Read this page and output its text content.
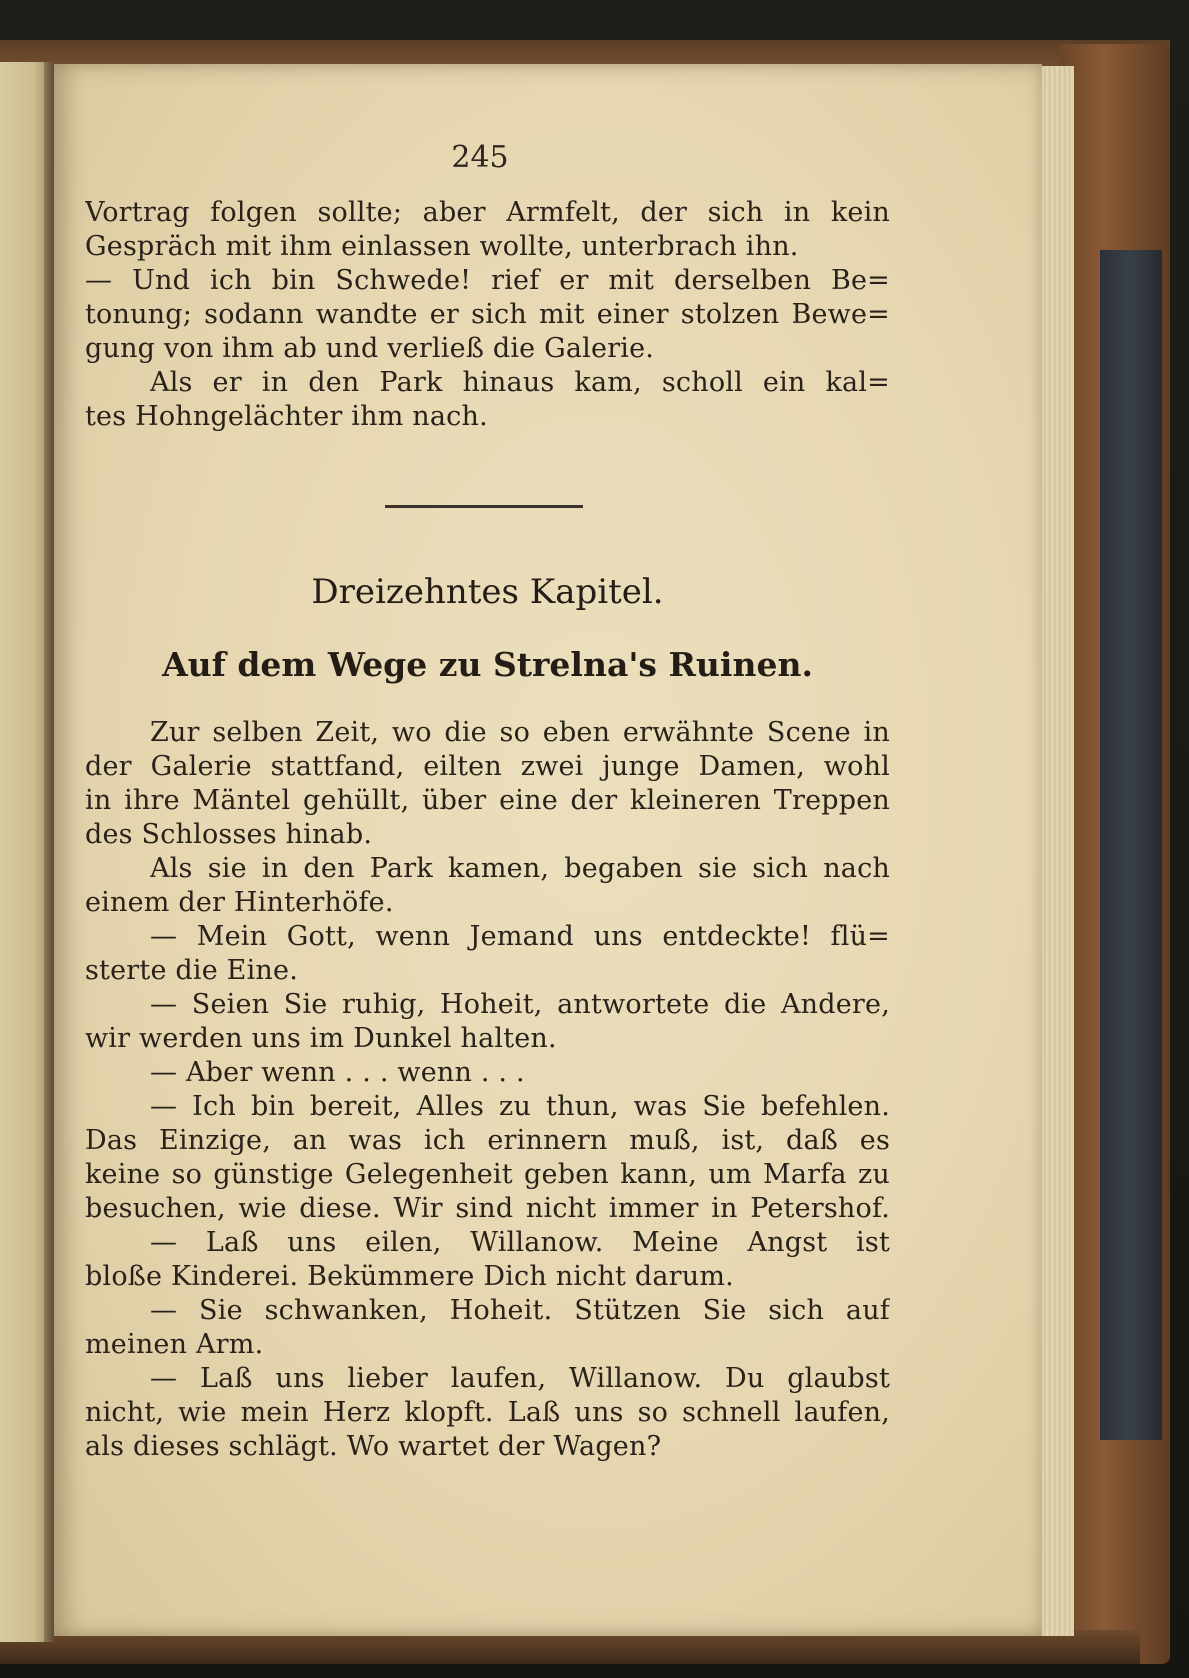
245
Vortrag folgen sollte; aber Armfelt, der sich in kein
Gespräch mit ihm einlassen wollte, unterbrach ihn.
— Und ich bin Schwede! rief er mit derselben Be=
tonung; sodann wandte er sich mit einer stolzen Bewe=
gung von ihm ab und verließ die Galerie.
Als er in den Park hinaus kam, scholl ein kal=
tes Hohngelächter ihm nach.
Dreizehntes Kapitel.
Auf dem Wege zu Strelna's Ruinen.
Zur selben Zeit, wo die so eben erwähnte Scene in
der Galerie stattfand, eilten zwei junge Damen, wohl
in ihre Mäntel gehüllt, über eine der kleineren Treppen
des Schlosses hinab.
Als sie in den Park kamen, begaben sie sich nach
einem der Hinterhöfe.
— Mein Gott, wenn Jemand uns entdeckte! flü=
sterte die Eine.
— Seien Sie ruhig, Hoheit, antwortete die Andere,
wir werden uns im Dunkel halten.
— Aber wenn . . . wenn . . .
— Ich bin bereit, Alles zu thun, was Sie befehlen.
Das Einzige, an was ich erinnern muß, ist, daß es
keine so günstige Gelegenheit geben kann, um Marfa zu
besuchen, wie diese. Wir sind nicht immer in Petershof.
— Laß uns eilen, Willanow. Meine Angst ist
bloße Kinderei. Bekümmere Dich nicht darum.
— Sie schwanken, Hoheit. Stützen Sie sich auf
meinen Arm.
— Laß uns lieber laufen, Willanow. Du glaubst
nicht, wie mein Herz klopft. Laß uns so schnell laufen,
als dieses schlägt. Wo wartet der Wagen?
